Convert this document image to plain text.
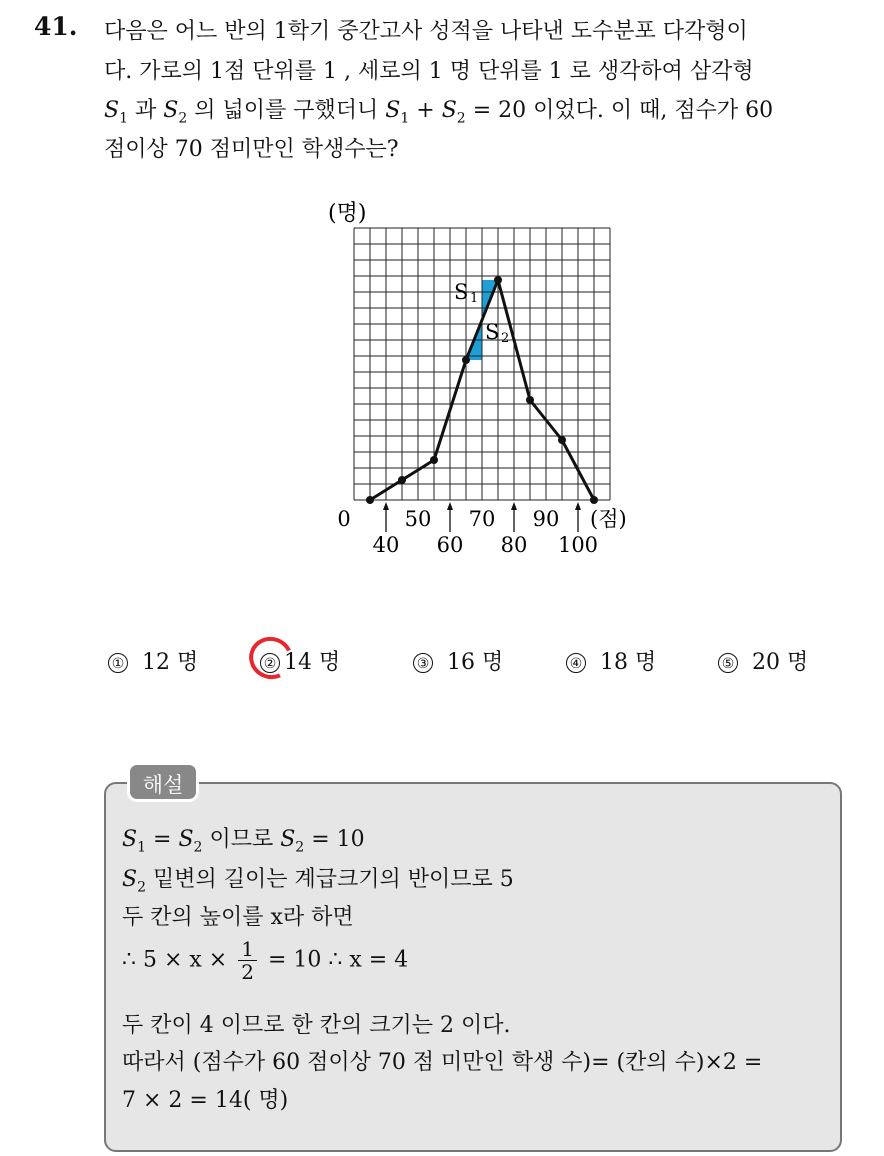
41. 다음은 어느 반의 1학기 중간고사 성적을 나타낸 도수분포 다각형이
다. 가로의 1점 단위를 1 , 세로의 1 명 단위를 1 로 생각하여 삼각형
$S_1$ 과 $S_2$ 의 넓이를 구했더니 $S_1 + S_2 = 20$ 이었다. 이 때, 점수가 60
점이상 70 점미만인 학생수는?
(명)
S 1
S 2
0	50 70 90
40 60 80 100
(점)
① 12 명	② 14 명	③ 16 명	④ 18 명	⑤ 20 명
해설
$S_1 = S_2$ 이므로 $S_2 = 10$
$S_2$ 밑변의 길이는 계급크기의 반이므로 5
두 칸의 높이를 x라 하면
∴ $5 \times x \times \frac{1}{2} = 10$ ∴ x = 4
두 칸이 4 이므로 한 칸의 크기는 2 이다.
따라서 (점수가 60 점이상 70 점 미만인 학생 수)= (칸의 수)×2 =
7 × 2 = 14( 명)
